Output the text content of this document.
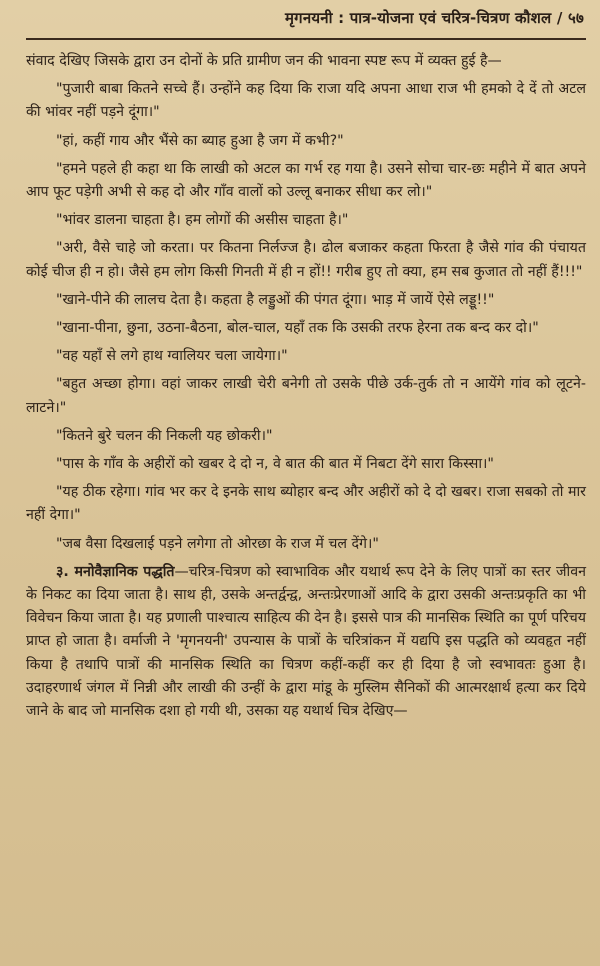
मृगनयनी : पात्र-योजना एवं चरित्र-चित्रण कौशल / ५७

संवाद देखिए जिसके द्वारा उन दोनों के प्रति ग्रामीण जन की भावना स्पष्ट रूप में व्यक्त हुई है—

"पुजारी बाबा कितने सच्चे हैं। उन्होंने कह दिया कि राजा यदि अपना आधा राज भी हमको दे दें तो अटल की भांवर नहीं पड़ने दूंगा।"

"हां, कहीं गाय और भैंसे का ब्याह हुआ है जग में कभी?"

"हमने पहले ही कहा था कि लाखी को अटल का गर्भ रह गया है। उसने सोचा चार-छः महीने में बात अपने आप फूट पड़ेगी अभी से कह दो और गाँव वालों को उल्लू बनाकर सीधा कर लो।"

"भांवर डालना चाहता है। हम लोगों की असीस चाहता है।"

"अरी, वैसे चाहे जो करता। पर कितना निर्लज्ज है। ढोल बजाकर कहता फिरता है जैसे गांव की पंचायत कोई चीज ही न हो। जैसे हम लोग किसी गिनती में ही न हों!! गरीब हुए तो क्या, हम सब कुजात तो नहीं हैं!!!"

"खाने-पीने की लालच देता है। कहता है लड्डुओं की पंगत दूंगा। भाड़ में जायें ऐसे लड्डू!!"

"खाना-पीना, छुना, उठना-बैठना, बोल-चाल, यहाँ तक कि उसकी तरफ हेरना तक बन्द कर दो।"

"वह यहाँ से लगे हाथ ग्वालियर चला जायेगा।"

"बहुत अच्छा होगा। वहां जाकर लाखी चेरी बनेगी तो उसके पीछे उर्क-तुर्क तो न आयेंगे गांव को लूटने-लाटने।"

"कितने बुरे चलन की निकली यह छोकरी।"

"पास के गाँव के अहीरों को खबर दे दो न, वे बात की बात में निबटा देंगे सारा किस्सा।"

"यह ठीक रहेगा। गांव भर कर दे इनके साथ ब्योहार बन्द और अहीरों को दे दो खबर। राजा सबको तो मार नहीं देगा।"

"जब वैसा दिखलाई पड़ने लगेगा तो ओरछा के राज में चल देंगे।"

३. मनोवैज्ञानिक पद्धति—चरित्र-चित्रण को स्वाभाविक और यथार्थ रूप देने के लिए पात्रों का स्तर जीवन के निकट का दिया जाता है। साथ ही, उसके अन्तर्द्वन्द्व, अन्तःप्रेरणाओं आदि के द्वारा उसकी अन्तःप्रकृति का भी विवेचन किया जाता है। यह प्रणाली पाश्चात्य साहित्य की देन है। इससे पात्र की मानसिक स्थिति का पूर्ण परिचय प्राप्त हो जाता है। वर्माजी ने 'मृगनयनी' उपन्यास के पात्रों के चरित्रांकन में यद्यपि इस पद्धति को व्यवहृत नहीं किया है तथापि पात्रों की मानसिक स्थिति का चित्रण कहीं-कहीं कर ही दिया है जो स्वभावतः हुआ है। उदाहरणार्थ जंगल में निन्नी और लाखी की उन्हीं के द्वारा मांडू के मुस्लिम सैनिकों की आत्मरक्षार्थ हत्या कर दिये जाने के बाद जो मानसिक दशा हो गयी थी, उसका यह यथार्थ चित्र देखिए—
